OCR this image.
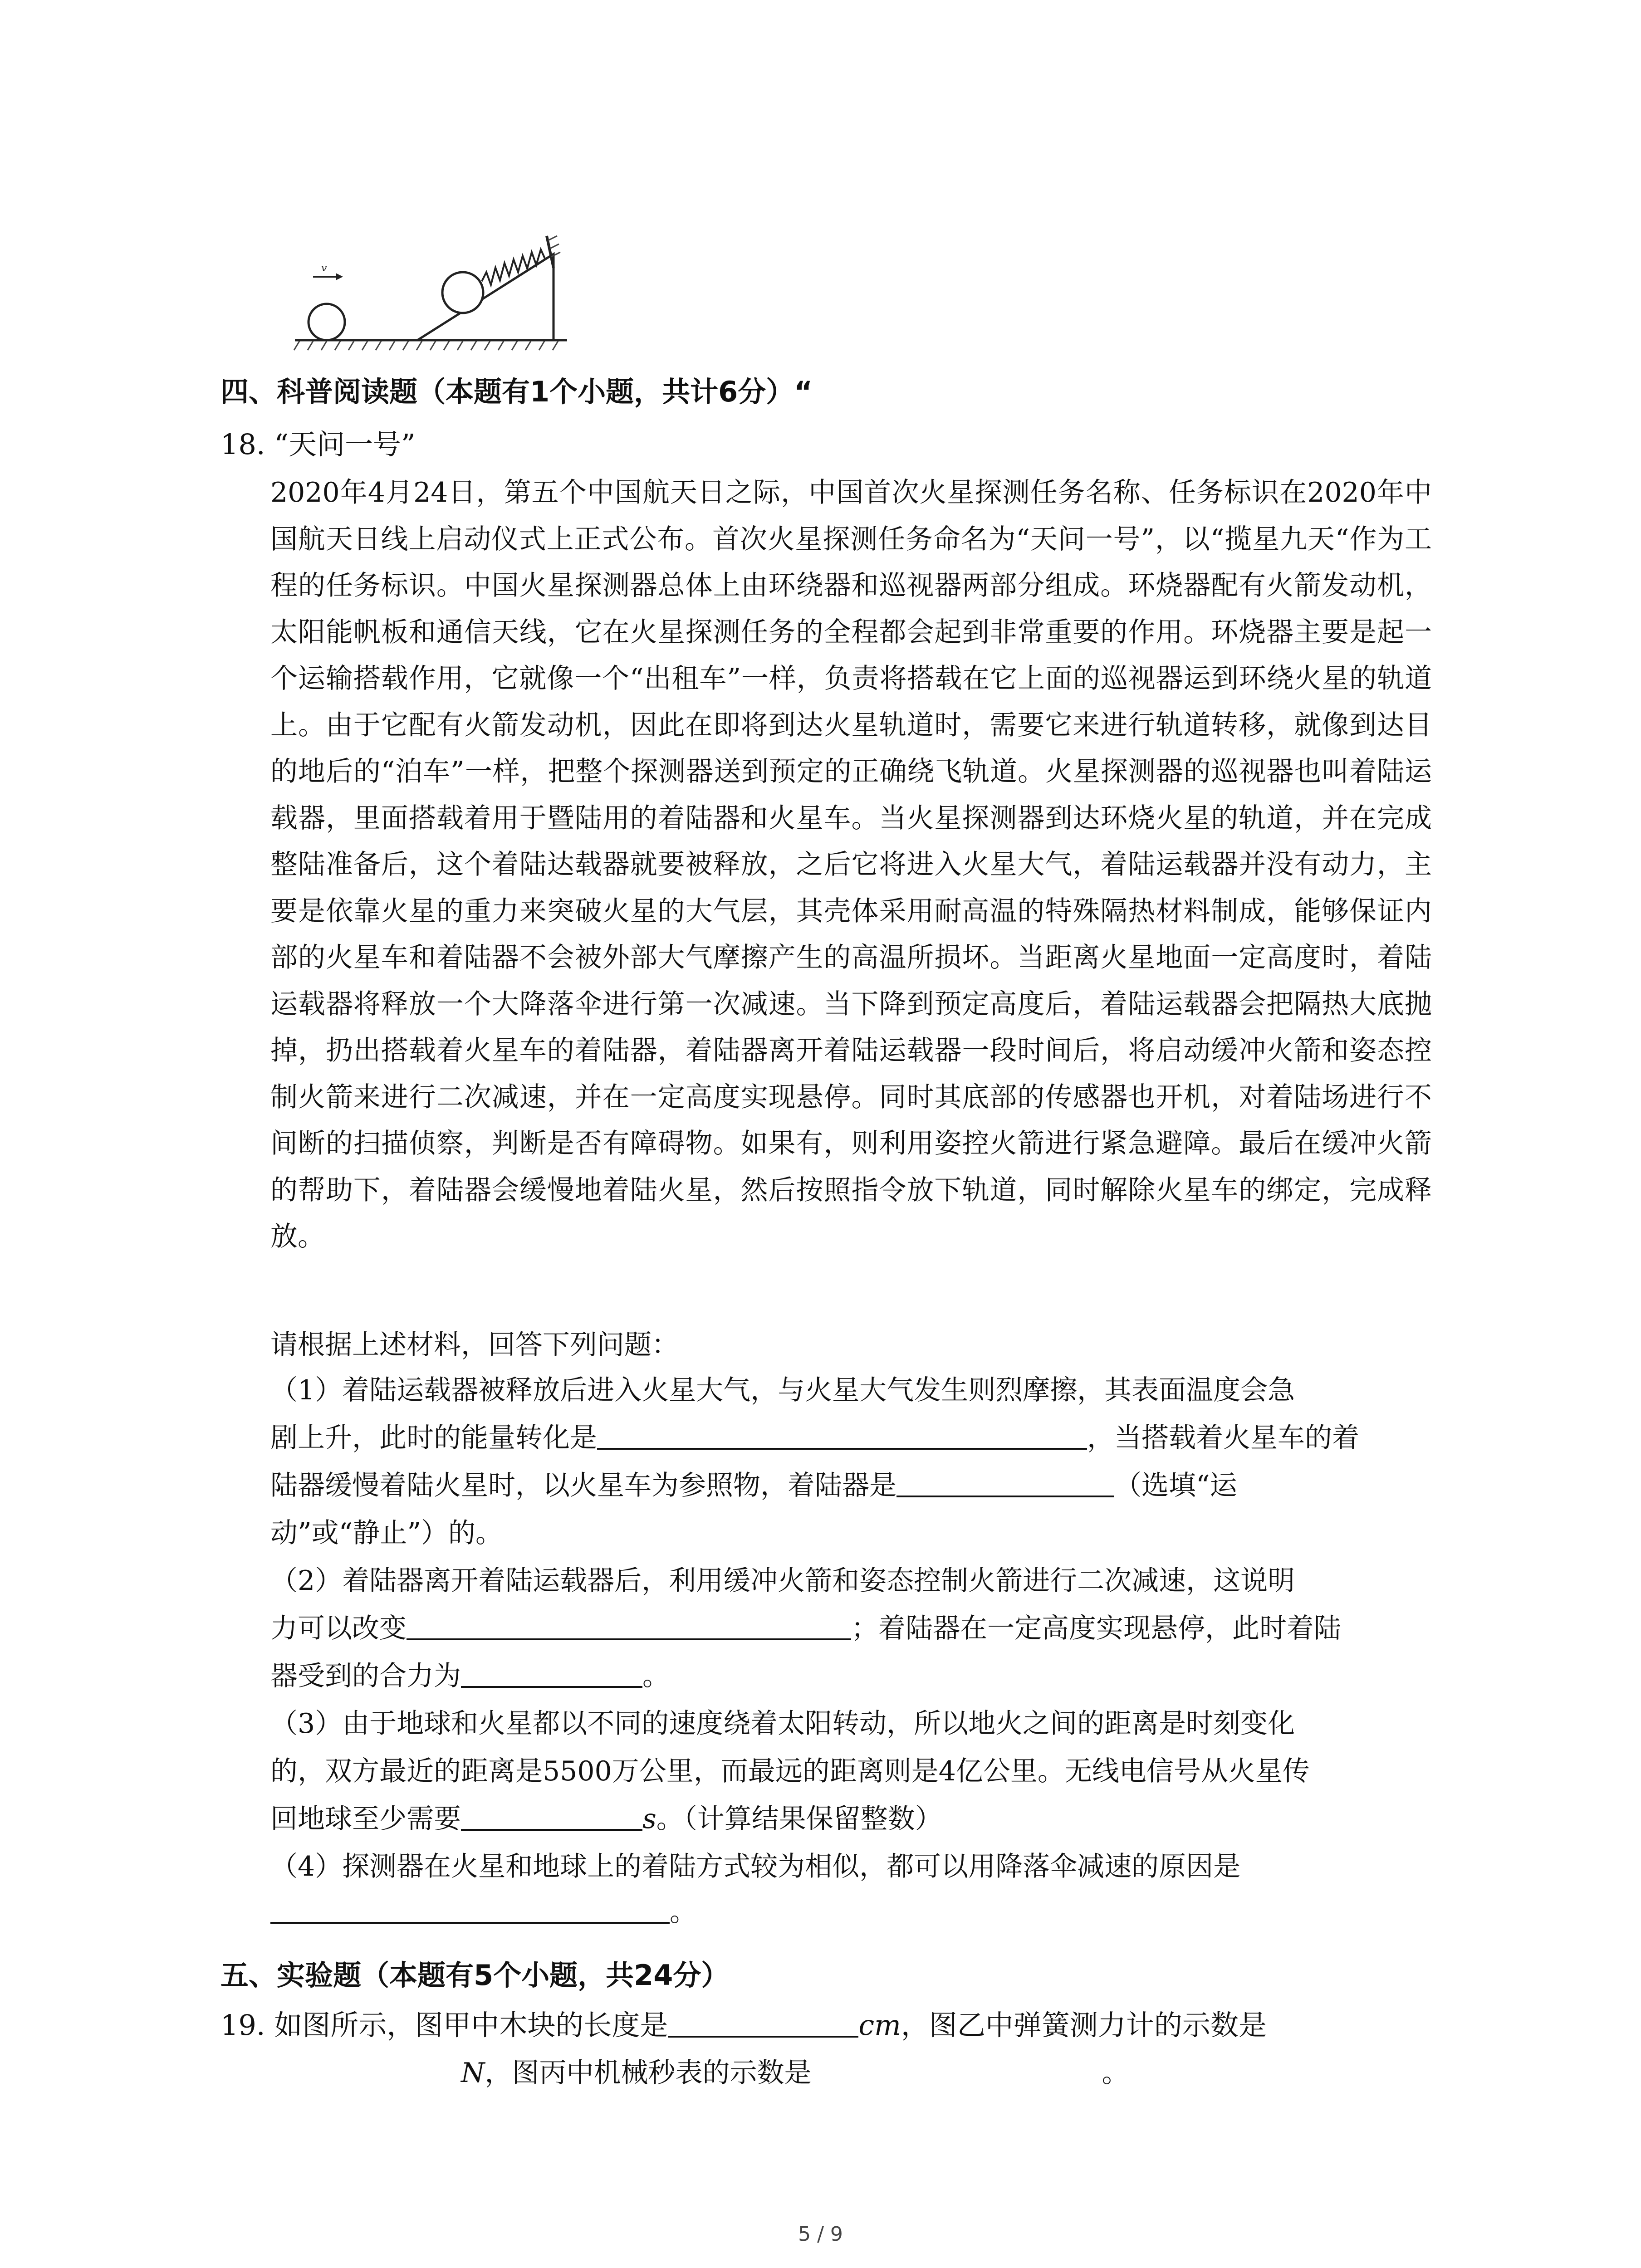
v
四、科普阅读题（本题有1个小题，共计6分）“
18. “天问一号”

2020年4月24日，第五个中国航天日之际，中国首次火星探测任务名称、任务标识在2020年中国航天日线上启动仪式上正式公布。首次火星探测任务命名为“天问一号”，以“揽星九天“作为工程的任务标识。中国火星探测器总体上由环绕器和巡视器两部分组成。环烧器配有火箭发动机，太阳能帆板和通信天线，它在火星探测任务的全程都会起到非常重要的作用。环烧器主要是起一个运输搭载作用，它就像一个“出租车”一样，负责将搭载在它上面的巡视器运到环绕火星的轨道上。由于它配有火箭发动机，因此在即将到达火星轨道时，需要它来进行轨道转移，就像到达目的地后的“泊车”一样，把整个探测器送到预定的正确绕飞轨道。火星探测器的巡视器也叫着陆运载器，里面搭载着用于暨陆用的着陆器和火星车。当火星探测器到达环烧火星的轨道，并在完成整陆准备后，这个着陆达载器就要被释放，之后它将进入火星大气，着陆运载器并没有动力，主要是依靠火星的重力来突破火星的大气层，其壳体采用耐高温的特殊隔热材料制成，能够保证内部的火星车和着陆器不会被外部大气摩擦产生的高温所损坏。当距离火星地面一定高度时，着陆运载器将释放一个大降落伞进行第一次减速。当下降到预定高度后，着陆运载器会把隔热大底抛掉，扔出搭载着火星车的着陆器，着陆器离开着陆运载器一段时间后，将启动缓冲火箭和姿态控制火箭来进行二次减速，并在一定高度实现悬停。同时其底部的传感器也开机，对着陆场进行不间断的扫描侦察，判断是否有障碍物。如果有，则利用姿控火箭进行紧急避障。最后在缓冲火箭的帮助下，着陆器会缓慢地着陆火星，然后按照指令放下轨道，同时解除火星车的绑定，完成释放。

请根据上述材料，回答下列问题：
（1）着陆运载器被释放后进入火星大气，与火星大气发生则烈摩擦，其表面温度会急
剧上升，此时的能量转化是	，当搭载着火星车的着
陆器缓慢着陆火星时，以火星车为参照物，着陆器是	（选填“运
动”或“静止”）的。
（2）着陆器离开着陆运载器后，利用缓冲火箭和姿态控制火箭进行二次减速，这说明
力可以改变	；着陆器在一定高度实现悬停，此时着陆
器受到的合力为	。
（3）由于地球和火星都以不同的速度绕着太阳转动，所以地火之间的距离是时刻变化
的，双方最近的距离是5500万公里，而最远的距离则是4亿公里。无线电信号从火星传
回地球至少需要	s。（计算结果保留整数）
（4）探测器在火星和地球上的着陆方式较为相似，都可以用降落伞减速的原因是
。
五、实验题（本题有5个小题，共24分）
19. 如图所示，图甲中木块的长度是	cm，图乙中弹簧测力计的示数是
N，图丙中机械秒表的示数是	。
5 / 9
